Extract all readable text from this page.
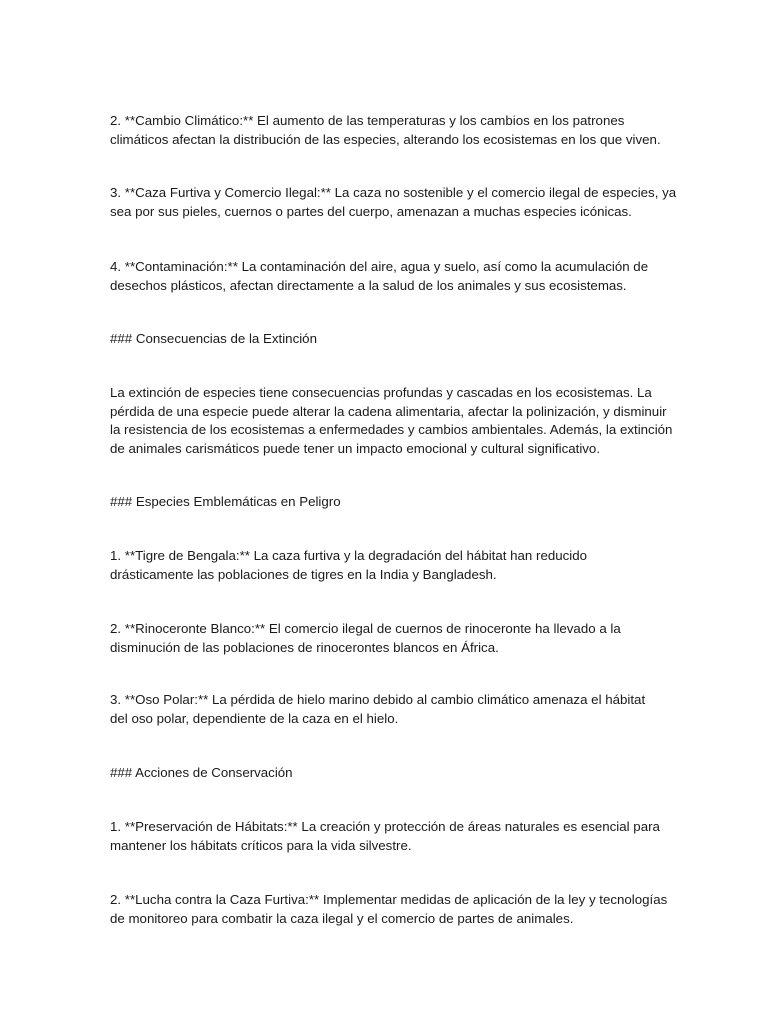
2. **Cambio Climático:** El aumento de las temperaturas y los cambios en los patrones
climáticos afectan la distribución de las especies, alterando los ecosistemas en los que viven.

3. **Caza Furtiva y Comercio Ilegal:** La caza no sostenible y el comercio ilegal de especies, ya
sea por sus pieles, cuernos o partes del cuerpo, amenazan a muchas especies icónicas.

4. **Contaminación:** La contaminación del aire, agua y suelo, así como la acumulación de
desechos plásticos, afectan directamente a la salud de los animales y sus ecosistemas.

### Consecuencias de la Extinción

La extinción de especies tiene consecuencias profundas y cascadas en los ecosistemas. La
pérdida de una especie puede alterar la cadena alimentaria, afectar la polinización, y disminuir
la resistencia de los ecosistemas a enfermedades y cambios ambientales. Además, la extinción
de animales carismáticos puede tener un impacto emocional y cultural significativo.

### Especies Emblemáticas en Peligro

1. **Tigre de Bengala:** La caza furtiva y la degradación del hábitat han reducido
drásticamente las poblaciones de tigres en la India y Bangladesh.

2. **Rinoceronte Blanco:** El comercio ilegal de cuernos de rinoceronte ha llevado a la
disminución de las poblaciones de rinocerontes blancos en África.

3. **Oso Polar:** La pérdida de hielo marino debido al cambio climático amenaza el hábitat
del oso polar, dependiente de la caza en el hielo.

### Acciones de Conservación

1. **Preservación de Hábitats:** La creación y protección de áreas naturales es esencial para
mantener los hábitats críticos para la vida silvestre.

2. **Lucha contra la Caza Furtiva:** Implementar medidas de aplicación de la ley y tecnologías
de monitoreo para combatir la caza ilegal y el comercio de partes de animales.
